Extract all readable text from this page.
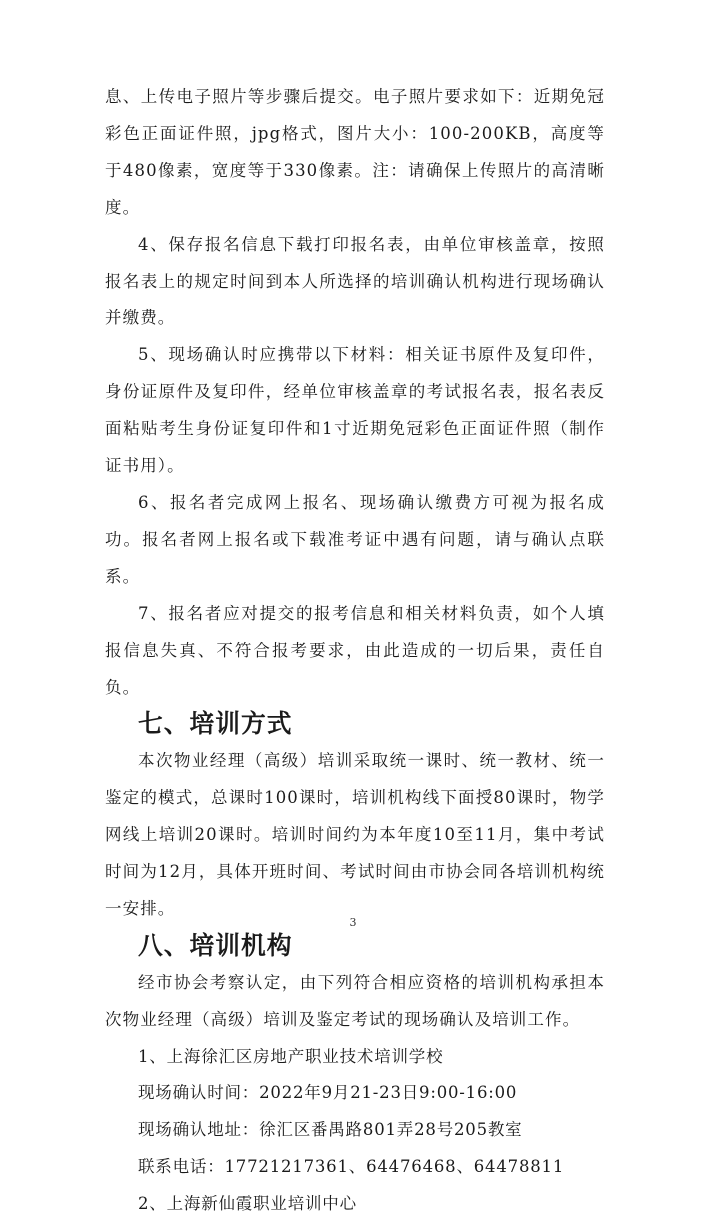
息、上传电子照片等步骤后提交。电子照片要求如下：近期免冠彩色正面证件照，jpg格式，图片大小：100-200KB，高度等于480像素，宽度等于330像素。注：请确保上传照片的高清晰度。

4、保存报名信息下载打印报名表，由单位审核盖章，按照报名表上的规定时间到本人所选择的培训确认机构进行现场确认并缴费。

5、现场确认时应携带以下材料：相关证书原件及复印件，身份证原件及复印件，经单位审核盖章的考试报名表，报名表反面粘贴考生身份证复印件和1寸近期免冠彩色正面证件照（制作证书用）。

6、报名者完成网上报名、现场确认缴费方可视为报名成功。报名者网上报名或下载准考证中遇有问题，请与确认点联系。

7、报名者应对提交的报考信息和相关材料负责，如个人填报信息失真、不符合报考要求，由此造成的一切后果，责任自负。

七、培训方式

本次物业经理（高级）培训采取统一课时、统一教材、统一鉴定的模式，总课时100课时，培训机构线下面授80课时，物学网线上培训20课时。培训时间约为本年度10至11月，集中考试时间为12月，具体开班时间、考试时间由市协会同各培训机构统一安排。

八、培训机构

经市协会考察认定，由下列符合相应资格的培训机构承担本次物业经理（高级）培训及鉴定考试的现场确认及培训工作。

1、上海徐汇区房地产职业技术培训学校

现场确认时间：2022年9月21-23日9:00-16:00

现场确认地址：徐汇区番禺路801弄28号205教室

联系电话：17721217361、64476468、64478811

2、上海新仙霞职业培训中心

3
